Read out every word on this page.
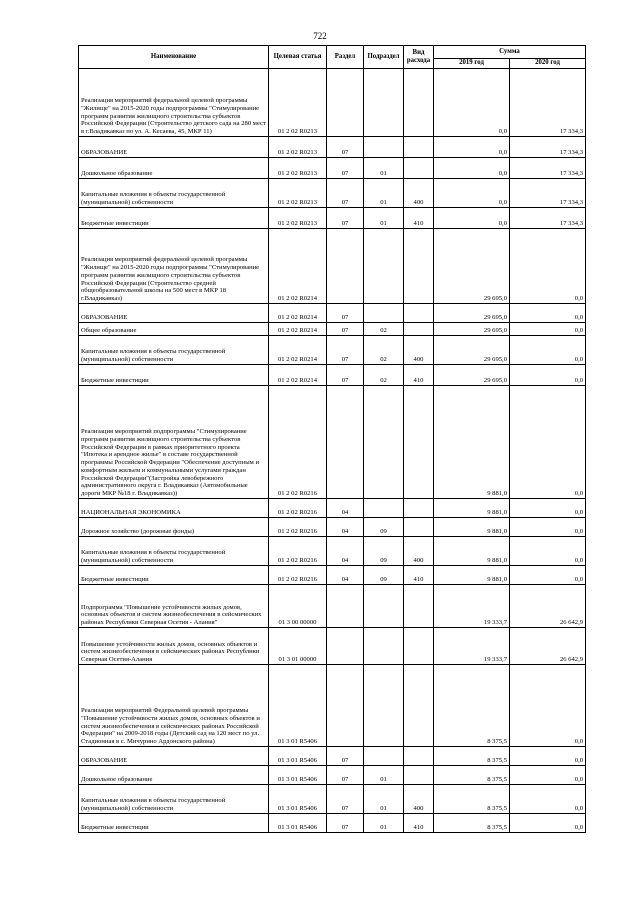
722
Наименование	Целевая статья	Раздел	Подраздел	Вид расхода	Сумма	
					2019 год	2020 год
Реализация мероприятий федеральной целевой программы "Жилище" на 2015-2020 годы подпрограммы "Стимулирование программ развития жилищного строительства субъектов Российской Федерации (Строительство детского сада на 280 мест в г.Владикавказ по ул. А. Кесаева, 45, МКР 11)	01 2 02 R0213				0,0	17 334,3
ОБРАЗОВАНИЕ	01 2 02 R0213	07			0,0	17 334,3
Дошкольное образование	01 2 02 R0213	07	01		0,0	17 334,3
Капитальные вложения в объекты государственной (муниципальной) собственности	01 2 02 R0213	07	01	400	0,0	17 334,3
Бюджетные инвестиции	01 2 02 R0213	07	01	410	0,0	17 334,3
Реализация мероприятий федеральной целевой программы "Жилище" на 2015-2020 годы подпрограммы "Стимулирование программ развития жилищного строительства субъектов Российской Федерации (Строительство средней общеобразовательной школы на 500 мест в МКР 18 г.Владикавказ)	01 2 02 R0214				29 695,0	0,0
ОБРАЗОВАНИЕ	01 2 02 R0214	07			29 695,0	0,0
Общее образование	01 2 02 R0214	07	02		29 695,0	0,0
Капитальные вложения в объекты государственной (муниципальной) собственности	01 2 02 R0214	07	02	400	29 695,0	0,0
Бюджетные инвестиции	01 2 02 R0214	07	02	410	29 695,0	0,0
Реализация мероприятий подпрограммы "Стимулирование программ развития жилищного строительства субъектов Российской Федерации в рамках приоритетного проекта "Ипотека и арендное жилье" в составе государственной программы Российской Федерации "Обеспечение доступным и комфортным жильем и коммунальными услугами граждан Российской Федерации"(Застройка левобережного административного округа г. Владикавказ (Автомобильные дороги МКР №18 г. Владикавказ))	01 2 02 R0216				9 881,0	0,0
НАЦИОНАЛЬНАЯ ЭКОНОМИКА	01 2 02 R0216	04			9 881,0	0,0
Дорожное хозяйство (дорожные фонды)	01 2 02 R0216	04	09		9 881,0	0,0
Капитальные вложения в объекты государственной (муниципальной) собственности	01 2 02 R0216	04	09	400	9 881,0	0,0
Бюджетные инвестиции	01 2 02 R0216	04	09	410	9 881,0	0,0
Подпрограмма "Повышение устойчивости жилых домов, основных объектов и систем жизнеобеспечения в сейсмических районах Республики Северная Осетия - Алания"	01 3 00 00000				19 333,7	26 642,9
Повышение устойчивости жилых домов, основных объектов и систем жизнеобеспечения в сейсмических районах Республики Северная Осетия-Алания	01 3 01 00000				19 333,7	26 642,9
Реализация мероприятий Федеральной целевой программы "Повышение устойчивости жилых домов, основных объектов и систем жизнеобеспечения в сейсмических районах Российской Федерации" на 2009-2018 годы (Детский сад на 120 мест по ул. Стадионная в с. Мичурино Ардонского района)	01 3 01 R5406				8 375,5	0,0
ОБРАЗОВАНИЕ	01 3 01 R5406	07			8 375,5	0,0
Дошкольное образование	01 3 01 R5406	07	01		8 375,5	0,0
Капитальные вложения в объекты государственной (муниципальной) собственности	01 3 01 R5406	07	01	400	8 375,5	0,0
Бюджетные инвестиции	01 3 01 R5406	07	01	410	8 375,5	0,0
